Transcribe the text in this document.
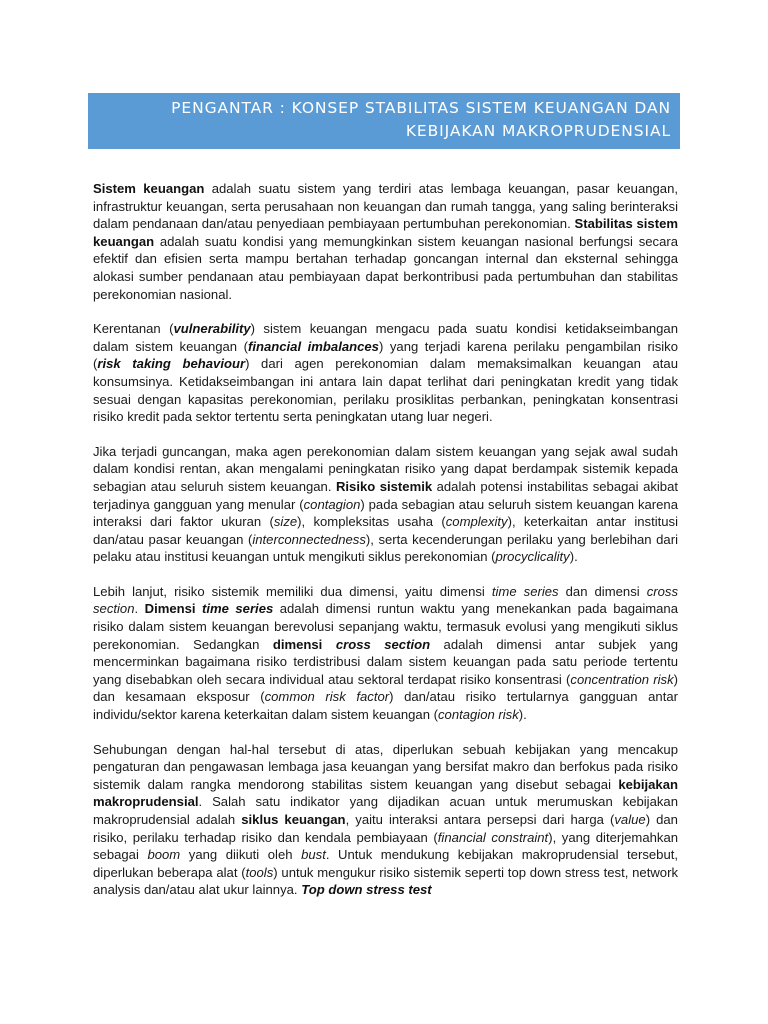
PENGANTAR : KONSEP STABILITAS SISTEM KEUANGAN DAN
KEBIJAKAN MAKROPRUDENSIAL

Sistem keuangan adalah suatu sistem yang terdiri atas lembaga keuangan, pasar keuangan, infrastruktur keuangan, serta perusahaan non keuangan dan rumah tangga, yang saling berinteraksi dalam pendanaan dan/atau penyediaan pembiayaan pertumbuhan perekonomian. Stabilitas sistem keuangan adalah suatu kondisi yang memungkinkan sistem keuangan nasional berfungsi secara efektif dan efisien serta mampu bertahan terhadap goncangan internal dan eksternal sehingga alokasi sumber pendanaan atau pembiayaan dapat berkontribusi pada pertumbuhan dan stabilitas perekonomian nasional.

Kerentanan (vulnerability) sistem keuangan mengacu pada suatu kondisi ketidakseimbangan dalam sistem keuangan (financial imbalances) yang terjadi karena perilaku pengambilan risiko (risk taking behaviour) dari agen perekonomian dalam memaksimalkan keuangan atau konsumsinya. Ketidakseimbangan ini antara lain dapat terlihat dari peningkatan kredit yang tidak sesuai dengan kapasitas perekonomian, perilaku prosiklitas perbankan, peningkatan konsentrasi risiko kredit pada sektor tertentu serta peningkatan utang luar negeri.

Jika terjadi guncangan, maka agen perekonomian dalam sistem keuangan yang sejak awal sudah dalam kondisi rentan, akan mengalami peningkatan risiko yang dapat berdampak sistemik kepada sebagian atau seluruh sistem keuangan. Risiko sistemik adalah potensi instabilitas sebagai akibat terjadinya gangguan yang menular (contagion) pada sebagian atau seluruh sistem keuangan karena interaksi dari faktor ukuran (size), kompleksitas usaha (complexity), keterkaitan antar institusi dan/atau pasar keuangan (interconnectedness), serta kecenderungan perilaku yang berlebihan dari pelaku atau institusi keuangan untuk mengikuti siklus perekonomian (procyclicality).

Lebih lanjut, risiko sistemik memiliki dua dimensi, yaitu dimensi time series dan dimensi cross section. Dimensi time series adalah dimensi runtun waktu yang menekankan pada bagaimana risiko dalam sistem keuangan berevolusi sepanjang waktu, termasuk evolusi yang mengikuti siklus perekonomian. Sedangkan dimensi cross section adalah dimensi antar subjek yang mencerminkan bagaimana risiko terdistribusi dalam sistem keuangan pada satu periode tertentu yang disebabkan oleh secara individual atau sektoral terdapat risiko konsentrasi (concentration risk) dan kesamaan eksposur (common risk factor) dan/atau risiko tertularnya gangguan antar individu/sektor karena keterkaitan dalam sistem keuangan (contagion risk).

Sehubungan dengan hal-hal tersebut di atas, diperlukan sebuah kebijakan yang mencakup pengaturan dan pengawasan lembaga jasa keuangan yang bersifat makro dan berfokus pada risiko sistemik dalam rangka mendorong stabilitas sistem keuangan yang disebut sebagai kebijakan makroprudensial. Salah satu indikator yang dijadikan acuan untuk merumuskan kebijakan makroprudensial adalah siklus keuangan, yaitu interaksi antara persepsi dari harga (value) dan risiko, perilaku terhadap risiko dan kendala pembiayaan (financial constraint), yang diterjemahkan sebagai boom yang diikuti oleh bust. Untuk mendukung kebijakan makroprudensial tersebut, diperlukan beberapa alat (tools) untuk mengukur risiko sistemik seperti top down stress test, network analysis dan/atau alat ukur lainnya. Top down stress test
